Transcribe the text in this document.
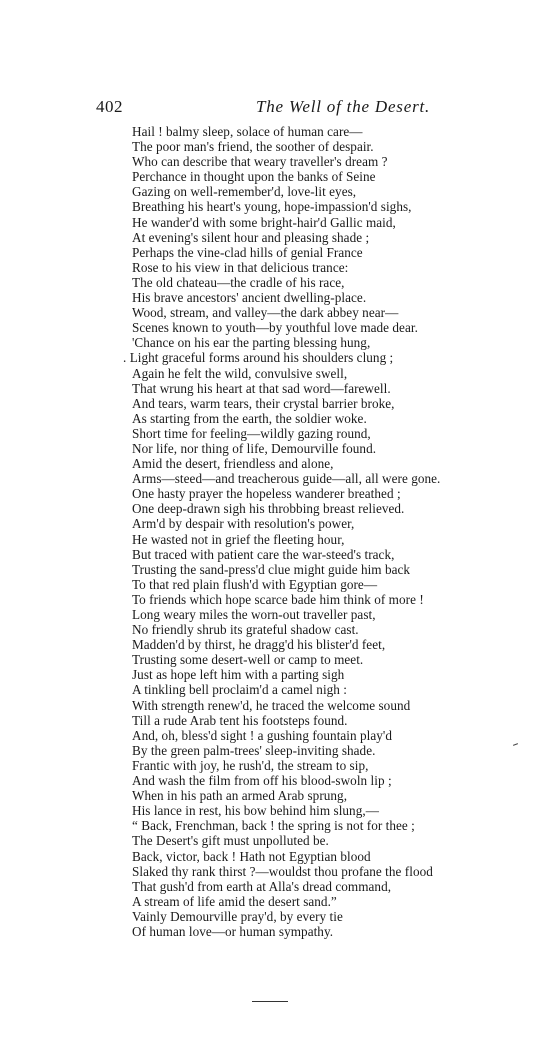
402	The Well of the Desert.
Hail ! balmy sleep, solace of human care—
The poor man's friend, the soother of despair.
Who can describe that weary traveller's dream ?
Perchance in thought upon the banks of Seine
Gazing on well-remember'd, love-lit eyes,
Breathing his heart's young, hope-impassion'd sighs,
He wander'd with some bright-hair'd Gallic maid,
At evening's silent hour and pleasing shade ;
Perhaps the vine-clad hills of genial France
Rose to his view in that delicious trance:
The old chateau—the cradle of his race,
His brave ancestors' ancient dwelling-place.
Wood, stream, and valley—the dark abbey near—
Scenes known to youth—by youthful love made dear.
'Chance on his ear the parting blessing hung,
. Light graceful forms around his shoulders clung ;
Again he felt the wild, convulsive swell,
That wrung his heart at that sad word—farewell.
And tears, warm tears, their crystal barrier broke,
As starting from the earth, the soldier woke.
Short time for feeling—wildly gazing round,
Nor life, nor thing of life, Demourville found.
Amid the desert, friendless and alone,
Arms—steed—and treacherous guide—all, all were gone.
One hasty prayer the hopeless wanderer breathed ;
One deep-drawn sigh his throbbing breast relieved.
Arm'd by despair with resolution's power,
He wasted not in grief the fleeting hour,
But traced with patient care the war-steed's track,
Trusting the sand-press'd clue might guide him back
To that red plain flush'd with Egyptian gore—
To friends which hope scarce bade him think of more !
Long weary miles the worn-out traveller past,
No friendly shrub its grateful shadow cast.
Madden'd by thirst, he dragg'd his blister'd feet,
Trusting some desert-well or camp to meet.
Just as hope left him with a parting sigh
A tinkling bell proclaim'd a camel nigh :
With strength renew'd, he traced the welcome sound
Till a rude Arab tent his footsteps found.
And, oh, bless'd sight ! a gushing fountain play'd
By the green palm-trees' sleep-inviting shade.
Frantic with joy, he rush'd, the stream to sip,
And wash the film from off his blood-swoln lip ;
When in his path an armed Arab sprung,
His lance in rest, his bow behind him slung,—
“ Back, Frenchman, back ! the spring is not for thee ;
The Desert's gift must unpolluted be.
Back, victor, back ! Hath not Egyptian blood
Slaked thy rank thirst ?—wouldst thou profane the flood
That gush'd from earth at Alla's dread command,
A stream of life amid the desert sand.”
Vainly Demourville pray'd, by every tie
Of human love—or human sympathy.
